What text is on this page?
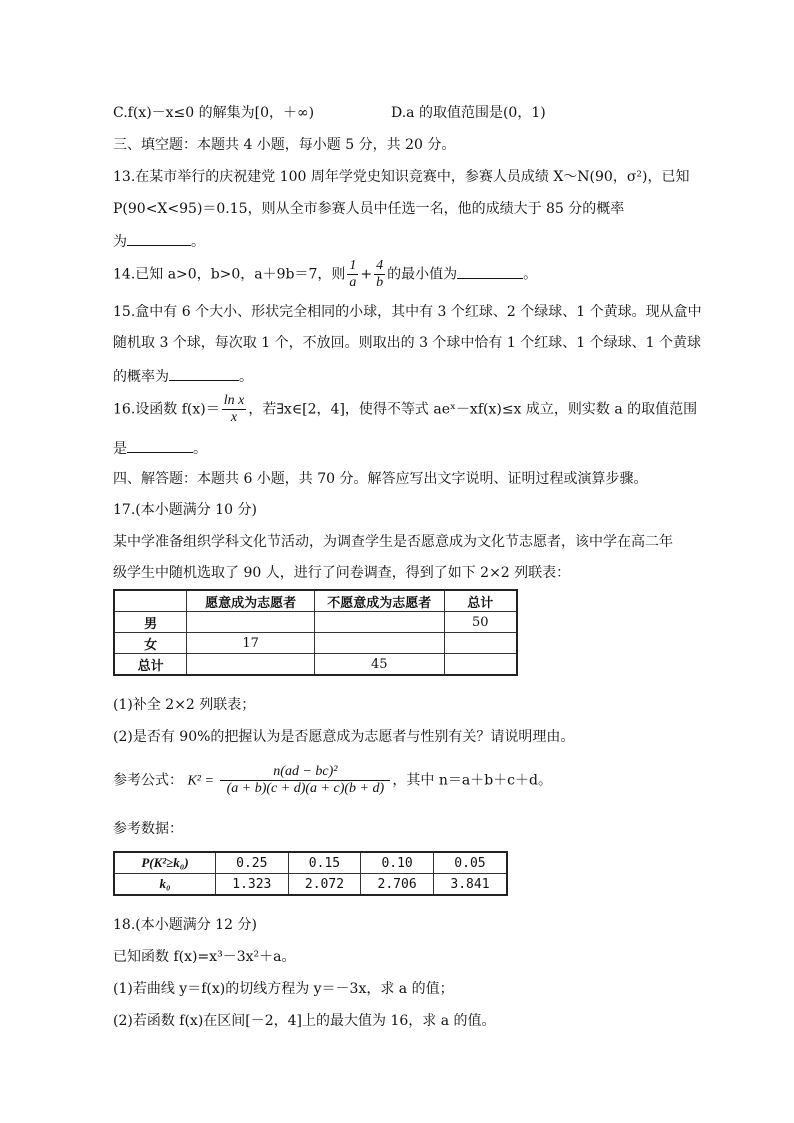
C.f(x)－x≤0 的解集为[0，＋∞)	D.a 的取值范围是(0，1)
三、填空题：本题共 4 小题，每小题 5 分，共 20 分。
13.在某市举行的庆祝建党 100 周年学党史知识竞赛中，参赛人员成绩 X～N(90，σ²)，已知
P(90<X<95)＝0.15，则从全市参赛人员中任选一名，他的成绩大于 85 分的概率
为	。
14.已知 a>0，b>0，a＋9b＝7，则 $\frac{1}{a} + \frac{4}{b}$ 的最小值为	。
15.盒中有 6 个大小、形状完全相同的小球，其中有 3 个红球、2 个绿球、1 个黄球。现从盒中
随机取 3 个球，每次取 1 个，不放回。则取出的 3 个球中恰有 1 个红球、1 个绿球、1 个黄球
的概率为	。
16.设函数 $f(x)= \frac{\text{ln x}}{x}$ ，若∃x∈[2，4]，使得不等式 aeˣ－xf(x)≤x 成立，则实数 a 的取值范围
是	。
四、解答题：本题共 6 小题，共 70 分。解答应写出文字说明、证明过程或演算步骤。
17.(本小题满分 10 分)
某中学准备组织学科文化节活动，为调查学生是否愿意成为文化节志愿者，该中学在高二年
级学生中随机选取了 90 人，进行了问卷调查，得到了如下 2×2 列联表：
	愿意成为志愿者	不愿意成为志愿者	总计
男			50
女	17		
总计		45	
(1)补全 2×2 列联表；
(2)是否有 90%的把握认为是否愿意成为志愿者与性别有关？请说明理由。
参考公式： $K^2 = \frac{\text{n(ad − bc)²}}{(a + b)(c + d)(a + c)(b + d)}$ ，其中 n＝a＋b＋c＋d。
参考数据：
P(K²≥k₀)	0.25	0.15	0.10	0.05
k₀	1.323	2.072	2.706	3.841
18.(本小题满分 12 分)
已知函数 f(x)=x³－3x²＋a。
(1)若曲线 y＝f(x)的切线方程为 y＝－3x，求 a 的值；
(2)若函数 f(x)在区间[－2，4]上的最大值为 16，求 a 的值。
